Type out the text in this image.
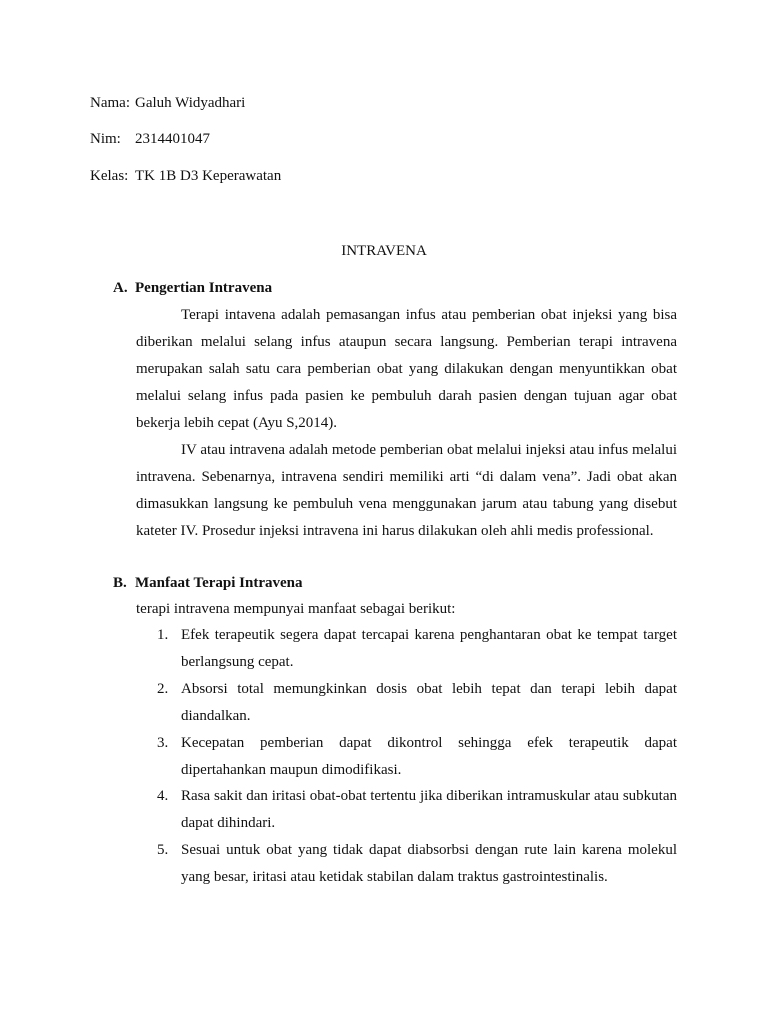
Nama: Galuh Widyadhari
Nim: 2314401047
Kelas: TK 1B D3 Keperawatan
INTRAVENA
A. Pengertian Intravena

Terapi intavena adalah pemasangan infus atau pemberian obat injeksi yang bisa diberikan melalui selang infus ataupun secara langsung. Pemberian terapi intravena merupakan salah satu cara pemberian obat yang dilakukan dengan menyuntikkan obat melalui selang infus pada pasien ke pembuluh darah pasien dengan tujuan agar obat bekerja lebih cepat (Ayu S,2014).

IV atau intravena adalah metode pemberian obat melalui injeksi atau infus melalui intravena. Sebenarnya, intravena sendiri memiliki arti “di dalam vena”. Jadi obat akan dimasukkan langsung ke pembuluh vena menggunakan jarum atau tabung yang disebut kateter IV. Prosedur injeksi intravena ini harus dilakukan oleh ahli medis professional.

B. Manfaat Terapi Intravena
terapi intravena mempunyai manfaat sebagai berikut:
1. Efek terapeutik segera dapat tercapai karena penghantaran obat ke tempat target berlangsung cepat.
2. Absorsi total memungkinkan dosis obat lebih tepat dan terapi lebih dapat diandalkan.
3. Kecepatan pemberian dapat dikontrol sehingga efek terapeutik dapat dipertahankan maupun dimodifikasi.
4. Rasa sakit dan iritasi obat-obat tertentu jika diberikan intramuskular atau subkutan dapat dihindari.
5. Sesuai untuk obat yang tidak dapat diabsorbsi dengan rute lain karena molekul yang besar, iritasi atau ketidak stabilan dalam traktus gastrointestinalis.
